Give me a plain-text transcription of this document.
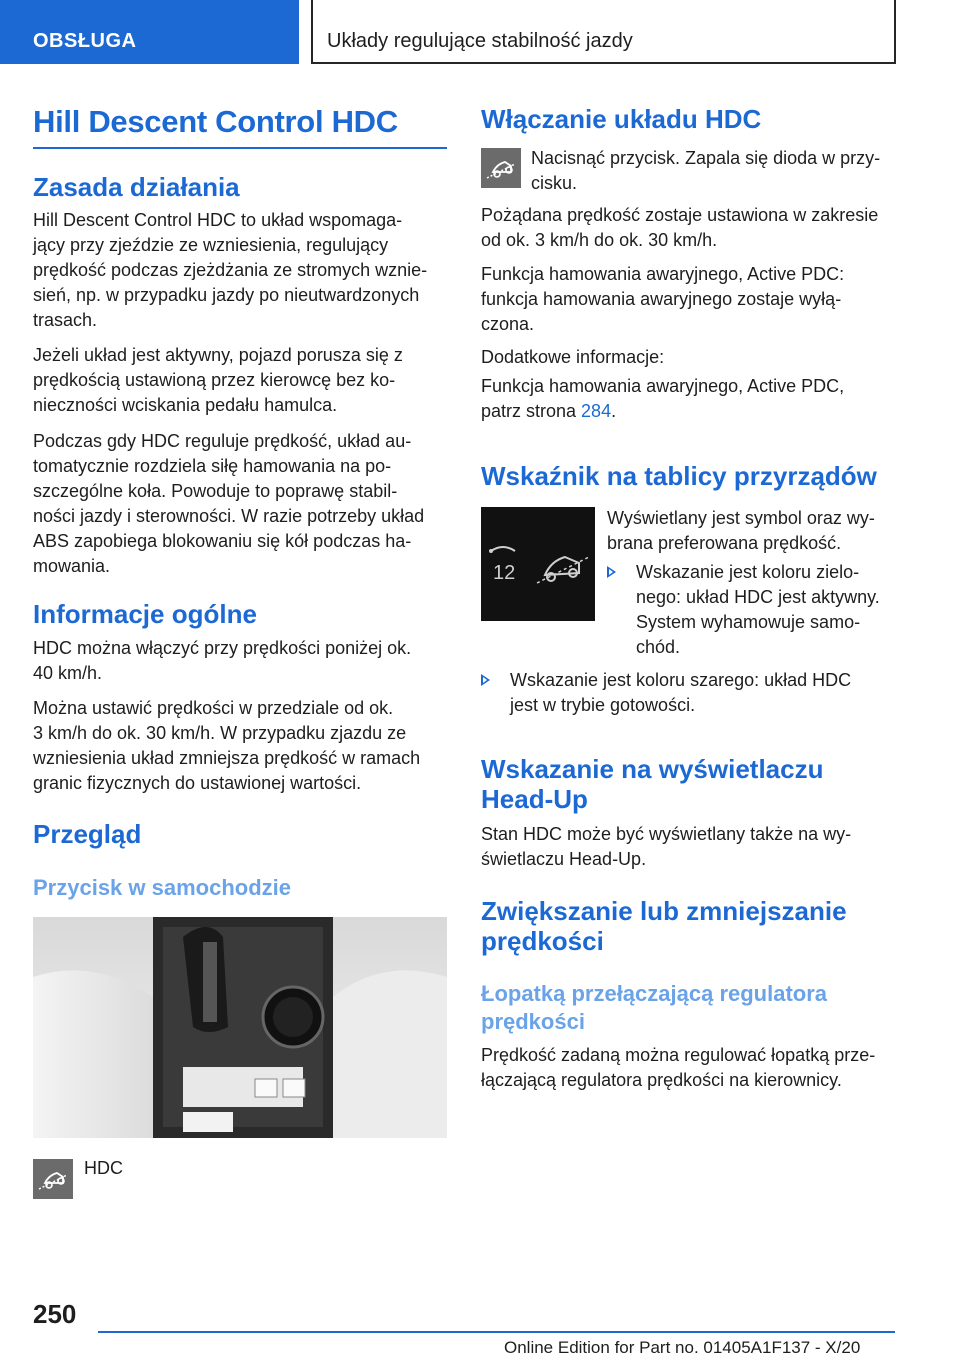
OBSŁUGA	Układy regulujące stabilność jazdy
Hill Descent Control HDC
Zasada działania
Hill Descent Control HDC to układ wspomaga-
jący przy zjeździe ze wzniesienia, regulujący
prędkość podczas zjeżdżania ze stromych wznie-
sień, np. w przypadku jazdy po nieutwardzonych
trasach.
Jeżeli układ jest aktywny, pojazd porusza się z
prędkością ustawioną przez kierowcę bez ko-
nieczności wciskania pedału hamulca.
Podczas gdy HDC reguluje prędkość, układ au-
tomatycznie rozdziela siłę hamowania na po-
szczególne koła. Powoduje to poprawę stabil-
ności jazdy i sterowności. W razie potrzeby układ
ABS zapobiega blokowaniu się kół podczas ha-
mowania.
Informacje ogólne
HDC można włączyć przy prędkości poniżej ok.
40 km/h.
Można ustawić prędkości w przedziale od ok.
3 km/h do ok. 30 km/h. W przypadku zjazdu ze
wzniesienia układ zmniejsza prędkość w ramach
granic fizycznych do ustawionej wartości.
Przegląd
Przycisk w samochodzie
HDC
Włączanie układu HDC
Nacisnąć przycisk. Zapala się dioda w przy-
cisku.
Pożądana prędkość zostaje ustawiona w zakresie
od ok. 3 km/h do ok. 30 km/h.
Funkcja hamowania awaryjnego, Active PDC:
funkcja hamowania awaryjnego zostaje wyłą-
czona.
Dodatkowe informacje:
Funkcja hamowania awaryjnego, Active PDC,
patrz strona 284.
Wskaźnik na tablicy przyrządów
12
Wyświetlany jest symbol oraz wy-
brana preferowana prędkość.
Wskazanie jest koloru zielo-
nego: układ HDC jest aktywny.
System wyhamowuje samo-
chód.
Wskazanie jest koloru szarego: układ HDC
jest w trybie gotowości.
Wskazanie na wyświetlaczu
Head-Up
Stan HDC może być wyświetlany także na wy-
świetlaczu Head-Up.
Zwiększanie lub zmniejszanie
prędkości
Łopatką przełączającą regulatora
prędkości
Prędkość zadaną można regulować łopatką prze-
łączającą regulatora prędkości na kierownicy.
250
Online Edition for Part no. 01405A1F137 - X/20
